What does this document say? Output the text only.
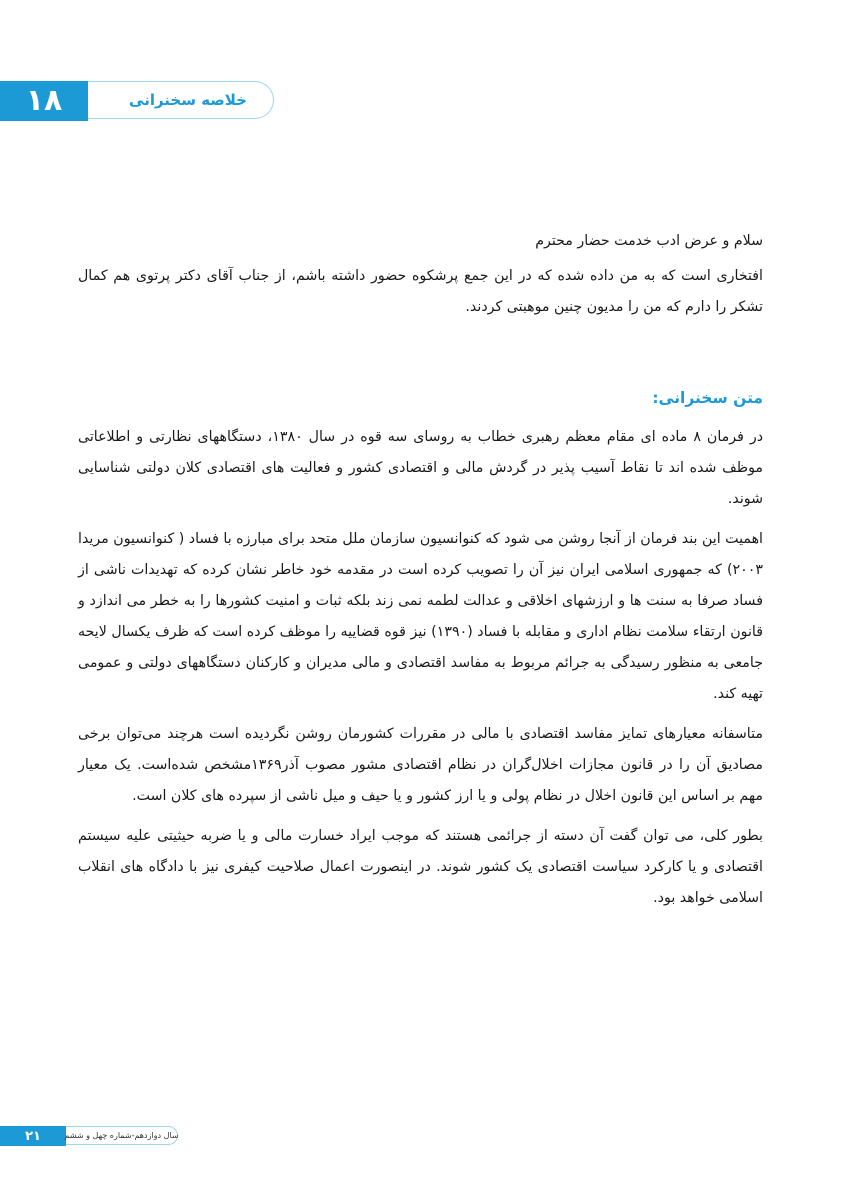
۱۸	خلاصه سخنرانی

سلام و عرض ادب خدمت حضار محترم

افتخاری است که به من داده شده که در این جمع پرشکوه حضور داشته باشم، از جناب آقای دکتر پرتوی هم کمال تشکر را دارم که من را مدیون چنین موهبتی کردند.

متن سخنرانی:

در فرمان ۸ ماده ای مقام معظم رهبری خطاب به روسای سه قوه در سال ۱۳۸۰، دستگاههای نظارتی و اطلاعاتی موظف شده اند تا نقاط آسیب پذیر در گردش مالی و اقتصادی کشور و فعالیت های اقتصادی کلان دولتی شناسایی شوند.

اهمیت این بند فرمان از آنجا روشن می شود که کنوانسیون سازمان ملل متحد برای مبارزه با فساد ( کنوانسیون مریدا ۲۰۰۳) که جمهوری اسلامی ایران نیز آن را تصویب کرده است در مقدمه خود خاطر نشان کرده که تهدیدات ناشی از فساد صرفا به سنت ها و ارزشهای اخلاقی و عدالت لطمه نمی زند بلکه ثبات و امنیت کشورها را به خطر می اندازد و قانون ارتقاء سلامت نظام اداری و مقابله با فساد (۱۳۹۰) نیز قوه قضاییه را موظف کرده است که ظرف یکسال لایحه جامعی به منظور رسیدگی به جرائم مربوط به مفاسد اقتصادی و مالی مدیران و کارکنان دستگاههای دولتی و عمومی تهیه کند.

متاسفانه معیارهای تمایز مفاسد اقتصادی با مالی در مقررات کشورمان روشن نگردیده است هرچند می‌توان برخی مصادیق آن را در قانون مجازات اخلال‌گران در نظام اقتصادی مشور مصوب آذر۱۳۶۹مشخص شده‌است. یک معیار مهم بر اساس این قانون اخلال در نظام پولی و یا ارز کشور و یا حیف و میل ناشی از سپرده های کلان است.

بطور کلی، می توان گفت آن دسته از جرائمی هستند که موجب ایراد خسارت مالی و یا ضربه حیثیتی علیه سیستم اقتصادی و یا کارکرد سیاست اقتصادی یک کشور شوند. در اینصورت اعمال صلاحیت کیفری نیز با دادگاه های انقلاب اسلامی خواهد بود.

۲۱	سال دوازدهم-شماره چهل و ششم
